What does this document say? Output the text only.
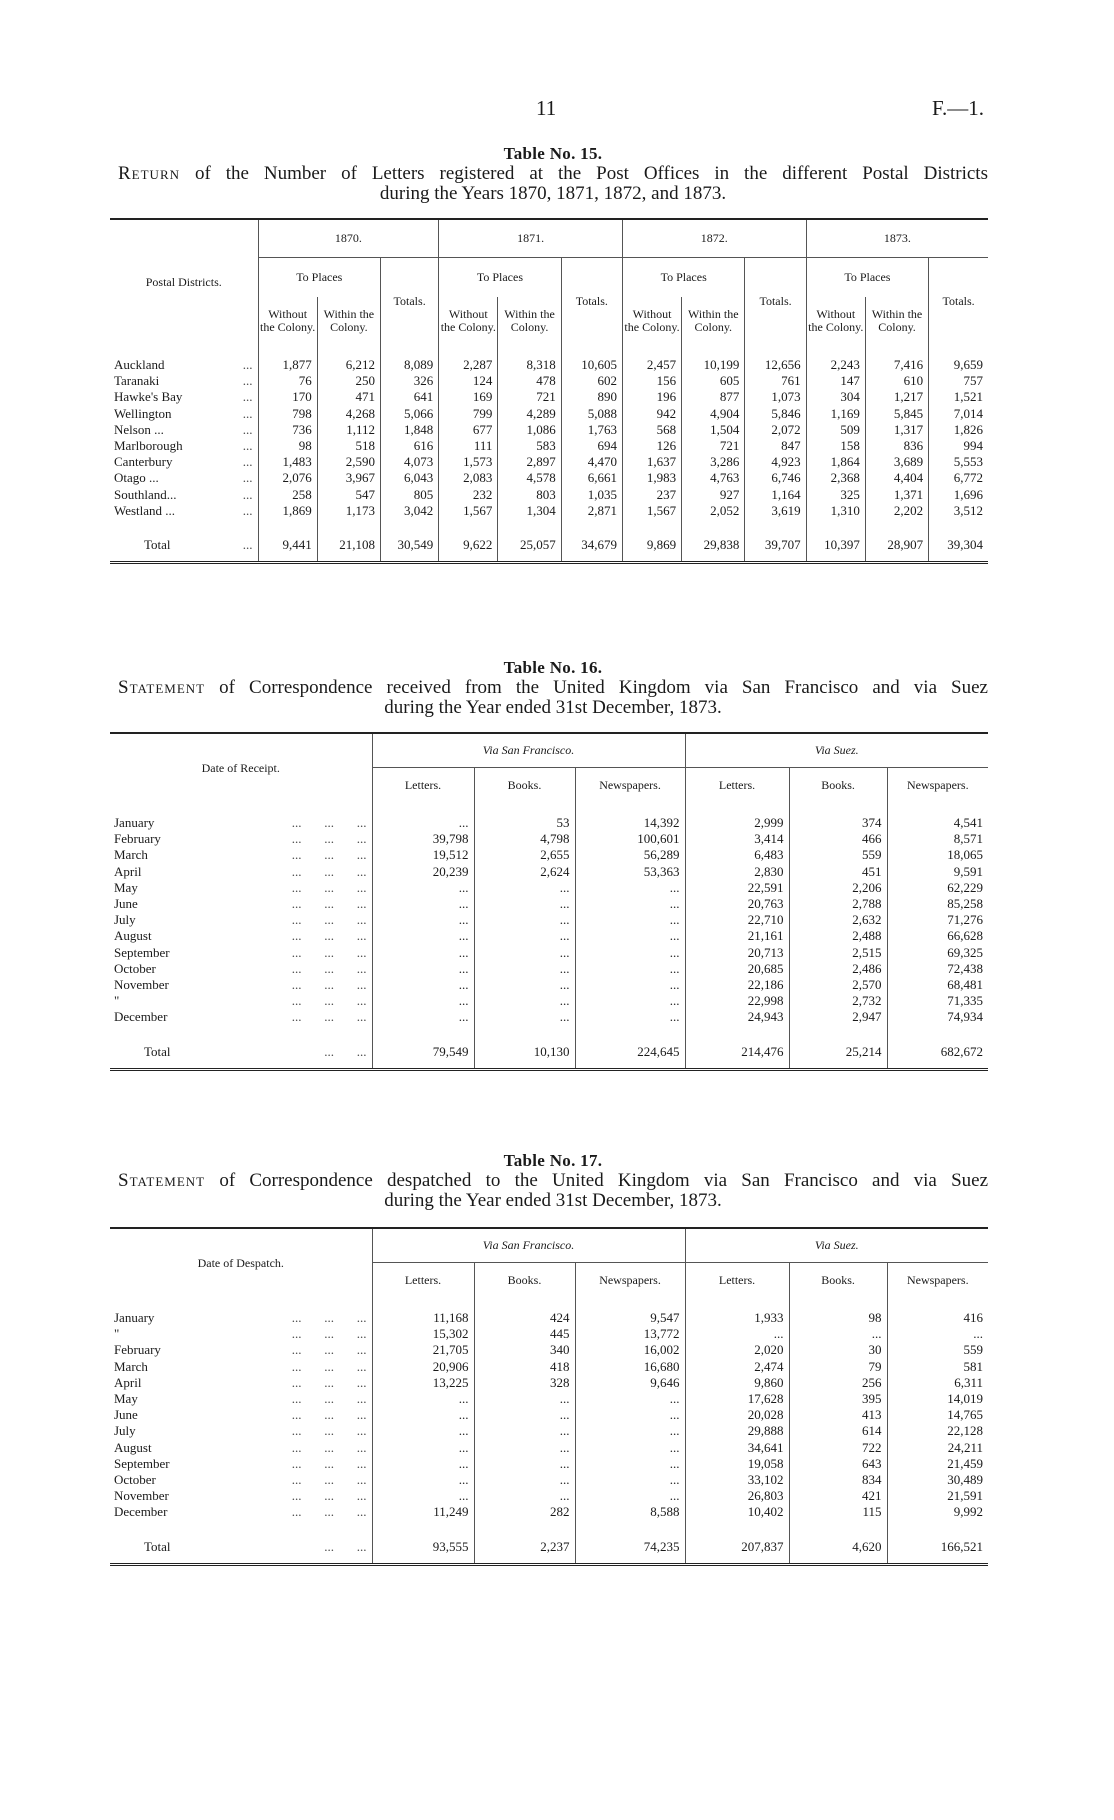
11	F.—1.
Table No. 15.
Return of the Number of Letters registered at the Post Offices in the different Postal Districts
during the Years 1870, 1871, 1872, and 1873.
Postal Districts.	1870.			1871.			1872.			1873.		
	To Places		Totals.	To Places		Totals.	To Places		Totals.	To Places		Totals.
	Without the Colony.	Within the Colony.		Without the Colony.	Within the Colony.		Without the Colony.	Within the Colony.		Without the Colony.	Within the Colony.	

Auckland ...	1,877	6,212	8,089	2,287	8,318	10,605	2,457	10,199	12,656	2,243	7,416	9,659
Taranaki ...	76	250	326	124	478	602	156	605	761	147	610	757
Hawke's Bay ...	170	471	641	169	721	890	196	877	1,073	304	1,217	1,521
Wellington ...	798	4,268	5,066	799	4,289	5,088	942	4,904	5,846	1,169	5,845	7,014
Nelson ... ...	736	1,112	1,848	677	1,086	1,763	568	1,504	2,072	509	1,317	1,826
Marlborough ...	98	518	616	111	583	694	126	721	847	158	836	994
Canterbury ...	1,483	2,590	4,073	1,573	2,897	4,470	1,637	3,286	4,923	1,864	3,689	5,553
Otago ... ...	2,076	3,967	6,043	2,083	4,578	6,661	1,983	4,763	6,746	2,368	4,404	6,772
Southland... ...	258	547	805	232	803	1,035	237	927	1,164	325	1,371	1,696
Westland ... ...	1,869	1,173	3,042	1,567	1,304	2,871	1,567	2,052	3,619	1,310	2,202	3,512

Total ...	9,441	21,108	30,549	9,622	25,057	34,679	9,869	29,838	39,707	10,397	28,907	39,304
Table No. 16.
Statement of Correspondence received from the United Kingdom via San Francisco and via Suez
during the Year ended 31st December, 1873.
Date of Receipt.	Via San Francisco.			Via Suez.		
	Letters.	Books.	Newspapers.	Letters.	Books.	Newspapers.

January ...       ...       ...	...	53	14,392	2,999	374	4,541
February ...       ...       ...	39,798	4,798	100,601	3,414	466	8,571
March ...       ...       ...	19,512	2,655	56,289	6,483	559	18,065
April ...       ...       ...	20,239	2,624	53,363	2,830	451	9,591
May ...       ...       ...	...	...	...	22,591	2,206	62,229
June ...       ...       ...	...	...	...	20,763	2,788	85,258
July ...       ...       ...	...	...	...	22,710	2,632	71,276
August ...       ...       ...	...	...	...	21,161	2,488	66,628
September ...       ...       ...	...	...	...	20,713	2,515	69,325
October ...       ...       ...	...	...	...	20,685	2,486	72,438
November ...       ...       ...	...	...	...	22,186	2,570	68,481
" ...       ...       ...	...	...	...	22,998	2,732	71,335
December ...       ...       ...	...	...	...	24,943	2,947	74,934

Total ...       ...	79,549	10,130	224,645	214,476	25,214	682,672
Table No. 17.
Statement of Correspondence despatched to the United Kingdom via San Francisco and via Suez
during the Year ended 31st December, 1873.
Date of Despatch.	Via San Francisco.			Via Suez.		
	Letters.	Books.	Newspapers.	Letters.	Books.	Newspapers.

January ...       ...       ...	11,168	424	9,547	1,933	98	416
" ...       ...       ...	15,302	445	13,772	...	...	...
February ...       ...       ...	21,705	340	16,002	2,020	30	559
March ...       ...       ...	20,906	418	16,680	2,474	79	581
April ...       ...       ...	13,225	328	9,646	9,860	256	6,311
May ...       ...       ...	...	...	...	17,628	395	14,019
June ...       ...       ...	...	...	...	20,028	413	14,765
July ...       ...       ...	...	...	...	29,888	614	22,128
August ...       ...       ...	...	...	...	34,641	722	24,211
September ...       ...       ...	...	...	...	19,058	643	21,459
October ...       ...       ...	...	...	...	33,102	834	30,489
November ...       ...       ...	...	...	...	26,803	421	21,591
December ...       ...       ...	11,249	282	8,588	10,402	115	9,992

Total ...       ...	93,555	2,237	74,235	207,837	4,620	166,521
